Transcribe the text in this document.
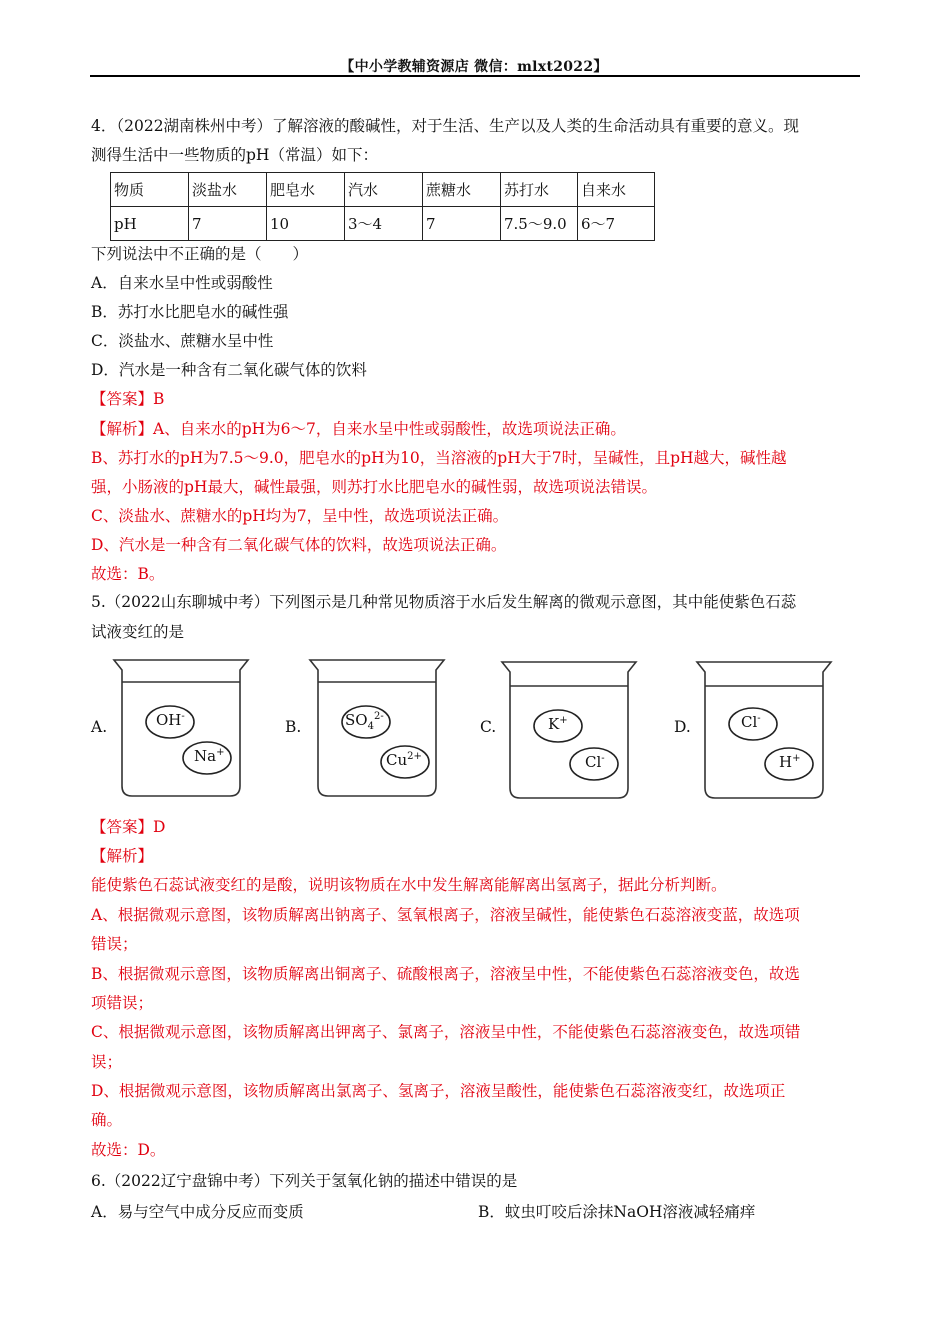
【中小学教辅资源店 微信：mlxt2022】
4．（2022湖南株州中考）了解溶液的酸碱性，对于生活、生产以及人类的生命活动具有重要的意义。现
测得生活中一些物质的pH（常温）如下：
物质	淡盐水	肥皂水	汽水	蔗糖水	苏打水	自来水
pH	7	10	3～4	7	7.5～9.0	6～7
下列说法中不正确的是（　　）
A．自来水呈中性或弱酸性
B．苏打水比肥皂水的碱性强
C．淡盐水、蔗糖水呈中性
D．汽水是一种含有二氧化碳气体的饮料
【答案】B
【解析】A、自来水的pH为6～7，自来水呈中性或弱酸性，故选项说法正确。
B、苏打水的pH为7.5～9.0，肥皂水的pH为10，当溶液的pH大于7时，呈碱性，且pH越大，碱性越
强，小肠液的pH最大，碱性最强，则苏打水比肥皂水的碱性弱，故选项说法错误。
C、淡盐水、蔗糖水的pH均为7，呈中性，故选项说法正确。
D、汽水是一种含有二氧化碳气体的饮料，故选项说法正确。
故选：B。
5.（2022山东聊城中考）下列图示是几种常见物质溶于水后发生解离的微观示意图，其中能使紫色石蕊
试液变红的是
A.	OH-
Na+
B.	$SO_4^{2-}$
$Cu^{2+}$
C.	K+
Cl-
D.	Cl-
H+
【答案】D
【解析】
能使紫色石蕊试液变红的是酸，说明该物质在水中发生解离能解离出氢离子，据此分析判断。
A、根据微观示意图，该物质解离出钠离子、氢氧根离子，溶液呈碱性，能使紫色石蕊溶液变蓝，故选项
错误；
B、根据微观示意图，该物质解离出铜离子、硫酸根离子，溶液呈中性，不能使紫色石蕊溶液变色，故选
项错误；
C、根据微观示意图，该物质解离出钾离子、氯离子，溶液呈中性，不能使紫色石蕊溶液变色，故选项错
误；
D、根据微观示意图，该物质解离出氯离子、氢离子，溶液呈酸性，能使紫色石蕊溶液变红，故选项正
确。
故选：D。
6.（2022辽宁盘锦中考）下列关于氢氧化钠的描述中错误的是
A．易与空气中成分反应而变质	B．蚊虫叮咬后涂抹NaOH溶液减轻痛痒
